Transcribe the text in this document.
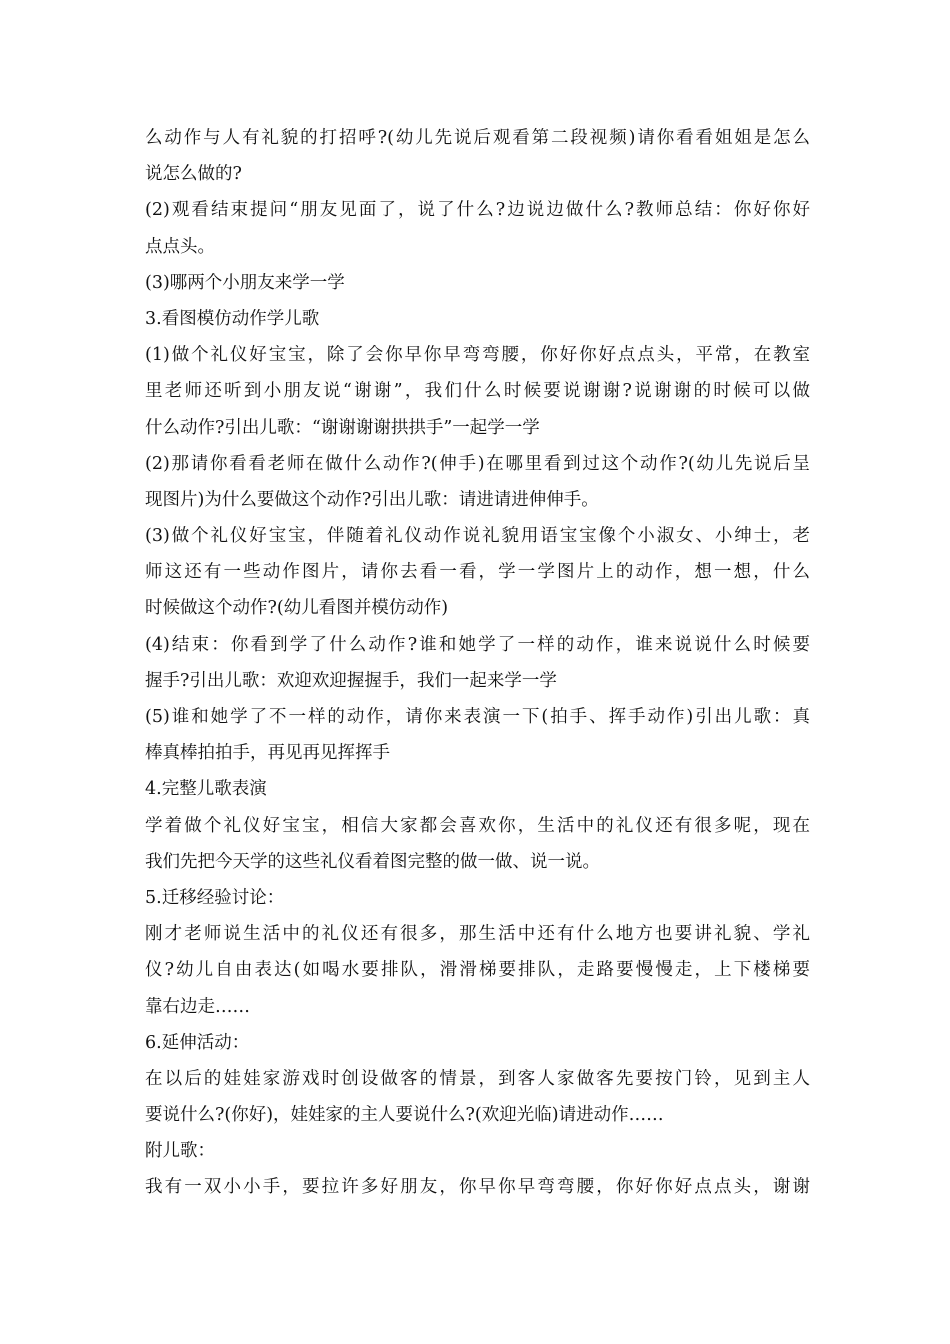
么动作与人有礼貌的打招呼?(幼儿先说后观看第二段视频)请你看看姐姐是怎么
说怎么做的?
(2)观看结束提问“朋友见面了，说了什么?边说边做什么?教师总结：你好你好
点点头。
(3)哪两个小朋友来学一学
3.看图模仿动作学儿歌
(1)做个礼仪好宝宝，除了会你早你早弯弯腰，你好你好点点头，平常，在教室
里老师还听到小朋友说“谢谢”，我们什么时候要说谢谢?说谢谢的时候可以做
什么动作?引出儿歌：“谢谢谢谢拱拱手”一起学一学
(2)那请你看看老师在做什么动作?(伸手)在哪里看到过这个动作?(幼儿先说后呈
现图片)为什么要做这个动作?引出儿歌：请进请进伸伸手。
(3)做个礼仪好宝宝，伴随着礼仪动作说礼貌用语宝宝像个小淑女、小绅士，老
师这还有一些动作图片，请你去看一看，学一学图片上的动作，想一想，什么
时候做这个动作?(幼儿看图并模仿动作)
(4)结束：你看到学了什么动作?谁和她学了一样的动作，谁来说说什么时候要
握手?引出儿歌：欢迎欢迎握握手，我们一起来学一学
(5)谁和她学了不一样的动作，请你来表演一下(拍手、挥手动作)引出儿歌：真
棒真棒拍拍手，再见再见挥挥手
4.完整儿歌表演
学着做个礼仪好宝宝，相信大家都会喜欢你，生活中的礼仪还有很多呢，现在
我们先把今天学的这些礼仪看着图完整的做一做、说一说。
5.迁移经验讨论：
刚才老师说生活中的礼仪还有很多，那生活中还有什么地方也要讲礼貌、学礼
仪?幼儿自由表达(如喝水要排队，滑滑梯要排队，走路要慢慢走，上下楼梯要
靠右边走……
6.延伸活动：
在以后的娃娃家游戏时创设做客的情景，到客人家做客先要按门铃，见到主人
要说什么?(你好)，娃娃家的主人要说什么?(欢迎光临)请进动作……
附儿歌：
我有一双小小手，要拉许多好朋友，你早你早弯弯腰，你好你好点点头，谢谢
